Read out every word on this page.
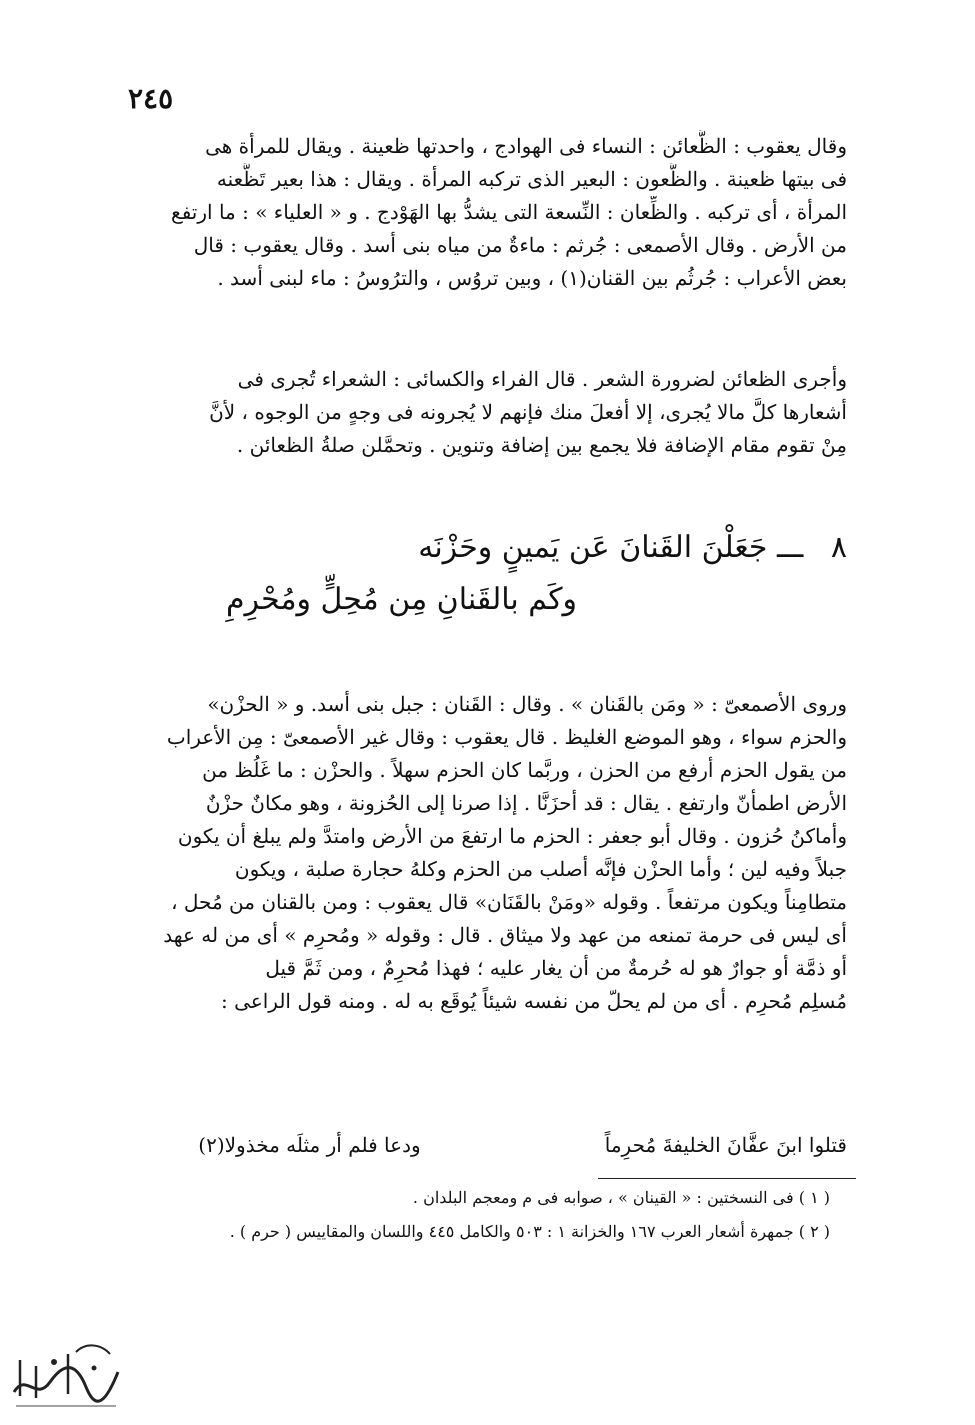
٢٤٥
وقال يعقوب : الظَّعائن : النساء فى الهوادج ، واحدتها ظعينة . ويقال للمرأة هى
فى بيتها ظعينة . والظَّعون : البعير الذى تركبه المرأة . ويقال : هذا بعير تَظَّعنه
المرأة ، أى تركبه . والظِّعان : النِّسعة التى يشدُّ بها الهَوْدج . و « العلياء » : ما ارتفع
من الأرض . وقال الأصمعى : جُرثم : ماءةٌ من مياه بنى أسد . وقال يعقوب : قال
بعض الأعراب : جُرثُم بين القنان(١) ، وبين تروُس ، والترُوسُ : ماء لبنى أسد .
وأجرى الظعائن لضرورة الشعر . قال الفراء والكسائى : الشعراء تُجرى فى
أشعارها كلَّ مالا يُجرى، إلا أفعلَ منك فإنهم لا يُجرونه فى وجهٍ من الوجوه ، لأنَّ
مِنْ تقوم مقام الإضافة فلا يجمع بين إضافة وتنوين . وتحمَّلن صلةُ الظعائن .
٨ ـــ جَعَلْنَ القَنانَ عَن يَمينٍ وحَزْنَه
وكَم بالقَنانِ مِن مُحِلٍّ ومُحْرِمِ
وروى الأصمعىّ : « ومَن بالقَنان » . وقال : القَنان : جبل بنى أسد. و « الحزْن»
والحزم سواء ، وهو الموضع الغليظ . قال يعقوب : وقال غير الأصمعىّ : مِن الأعراب
من يقول الحزم أرفع من الحزن ، وربَّما كان الحزم سهلاً . والحزْن : ما غَلُظ من
الأرض اطمأنّ وارتفع . يقال : قد أحزَنَّا . إذا صرنا إلى الحُزونة ، وهو مكانٌ حزْنٌ
وأماكنُ حُزون . وقال أبو جعفر : الحزم ما ارتفعَ من الأرض وامتدَّ ولم يبلغ أن يكون
جبلاً وفيه لين ؛ وأما الحزْن فإنَّه أصلب من الحزم وكلهُ حجارة صلبة ، ويكون
متطامِناً ويكون مرتفعاً . وقوله «ومَنْ بالقَنَان» قال يعقوب : ومن بالقنان من مُحل ،
أى ليس فى حرمة تمنعه من عهد ولا ميثاق . قال : وقوله « ومُحرِم » أى من له عهد
أو ذمَّة أو جوارٌ هو له حُرمةٌ من أن يغار عليه ؛ فهذا مُحرِمٌ ، ومن ثَمَّ قيل
مُسلِم مُحرِم . أى من لم يحلّ من نفسه شيئاً يُوقَع به له . ومنه قول الراعى :
قتلوا ابنَ عفَّانَ الخليفةَ مُحرِماً ودعا فلم أر مثلَه مخذولا(٢)
( ١ ) فى النسختين : « القينان » ، صوابه فى م ومعجم البلدان .
( ٢ ) جمهرة أشعار العرب ١٦٧ والخزانة ١ : ٥٠٣ والكامل ٤٤٥ واللسان والمقاييس ( حرم ) .
